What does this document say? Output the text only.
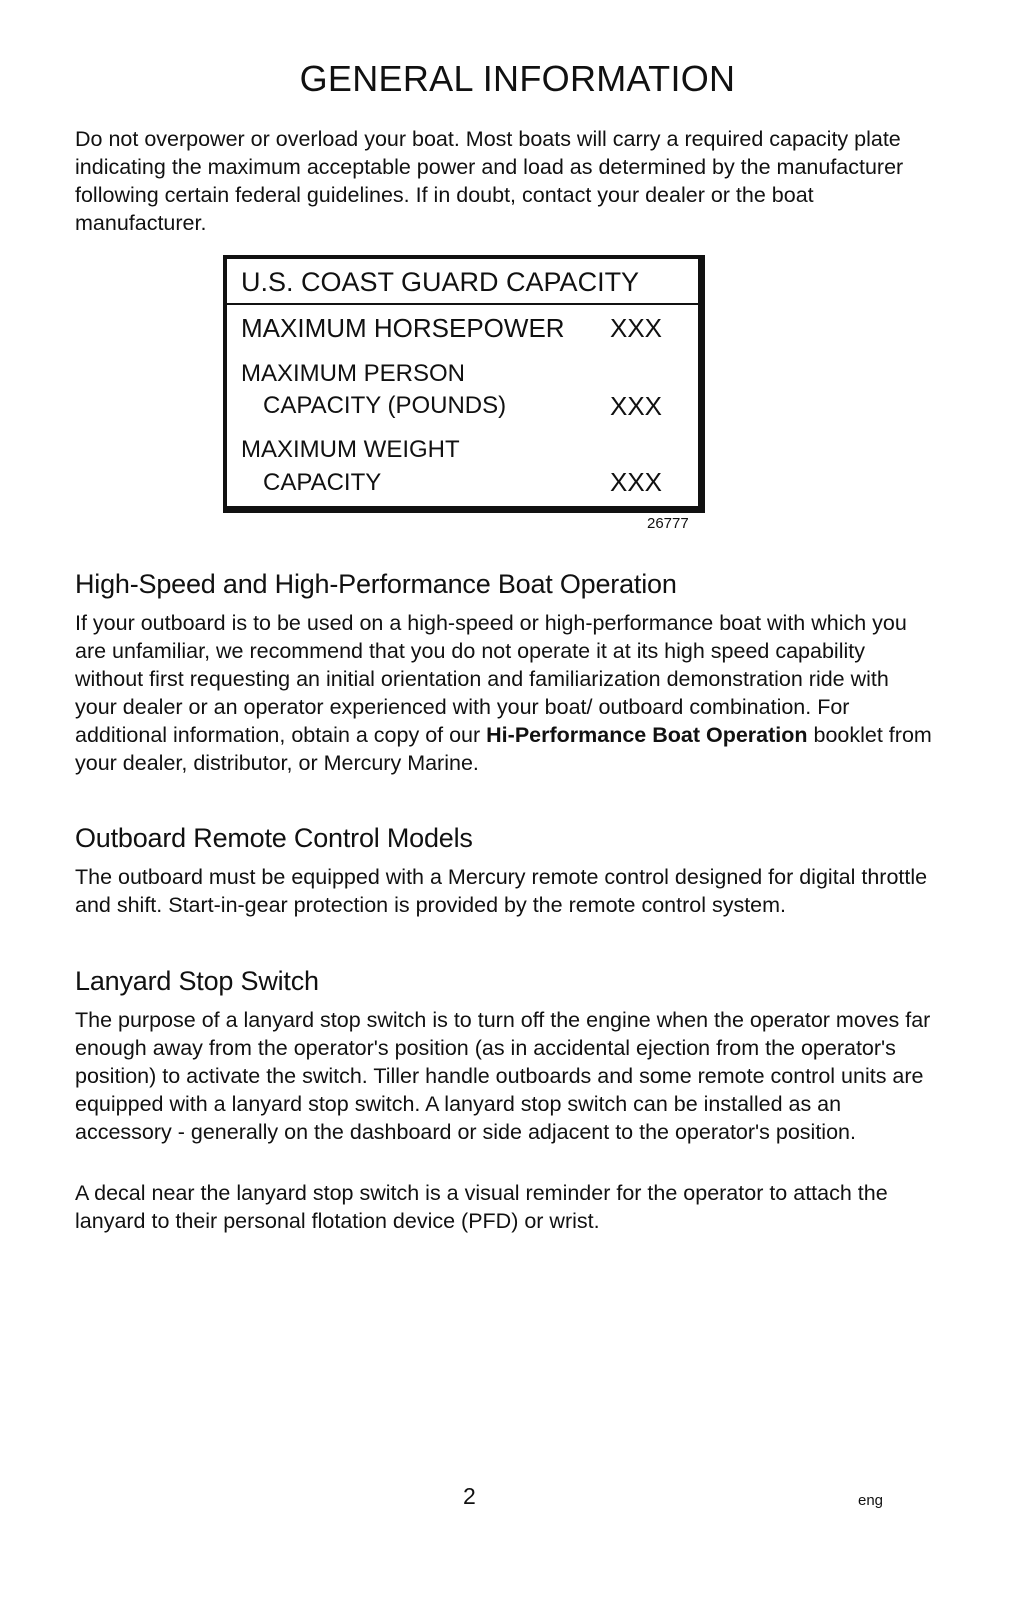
GENERAL INFORMATION

Do not overpower or overload your boat. Most boats will carry a required capacity plate indicating the maximum acceptable power and load as determined by the manufacturer following certain federal guidelines. If in doubt, contact your dealer or the boat manufacturer.

U.S. COAST GUARD CAPACITY
MAXIMUM HORSEPOWER XXX
MAXIMUM PERSON
CAPACITY (POUNDS)	XXX
MAXIMUM WEIGHT
CAPACITY	XXX
26777
High-Speed and High-Performance Boat Operation

If your outboard is to be used on a high-speed or high-performance boat with which you are unfamiliar, we recommend that you do not operate it at its high speed capability without first requesting an initial orientation and familiarization demonstration ride with your dealer or an operator experienced with your boat/ outboard combination. For additional information, obtain a copy of our Hi-Performance Boat Operation booklet from your dealer, distributor, or Mercury Marine.

Outboard Remote Control Models

The outboard must be equipped with a Mercury remote control designed for digital throttle and shift. Start-in-gear protection is provided by the remote control system.

Lanyard Stop Switch

The purpose of a lanyard stop switch is to turn off the engine when the operator moves far enough away from the operator's position (as in accidental ejection from the operator's position) to activate the switch. Tiller handle outboards and some remote control units are equipped with a lanyard stop switch. A lanyard stop switch can be installed as an accessory - generally on the dashboard or side adjacent to the operator's position.

A decal near the lanyard stop switch is a visual reminder for the operator to attach the lanyard to their personal flotation device (PFD) or wrist.

2	eng
